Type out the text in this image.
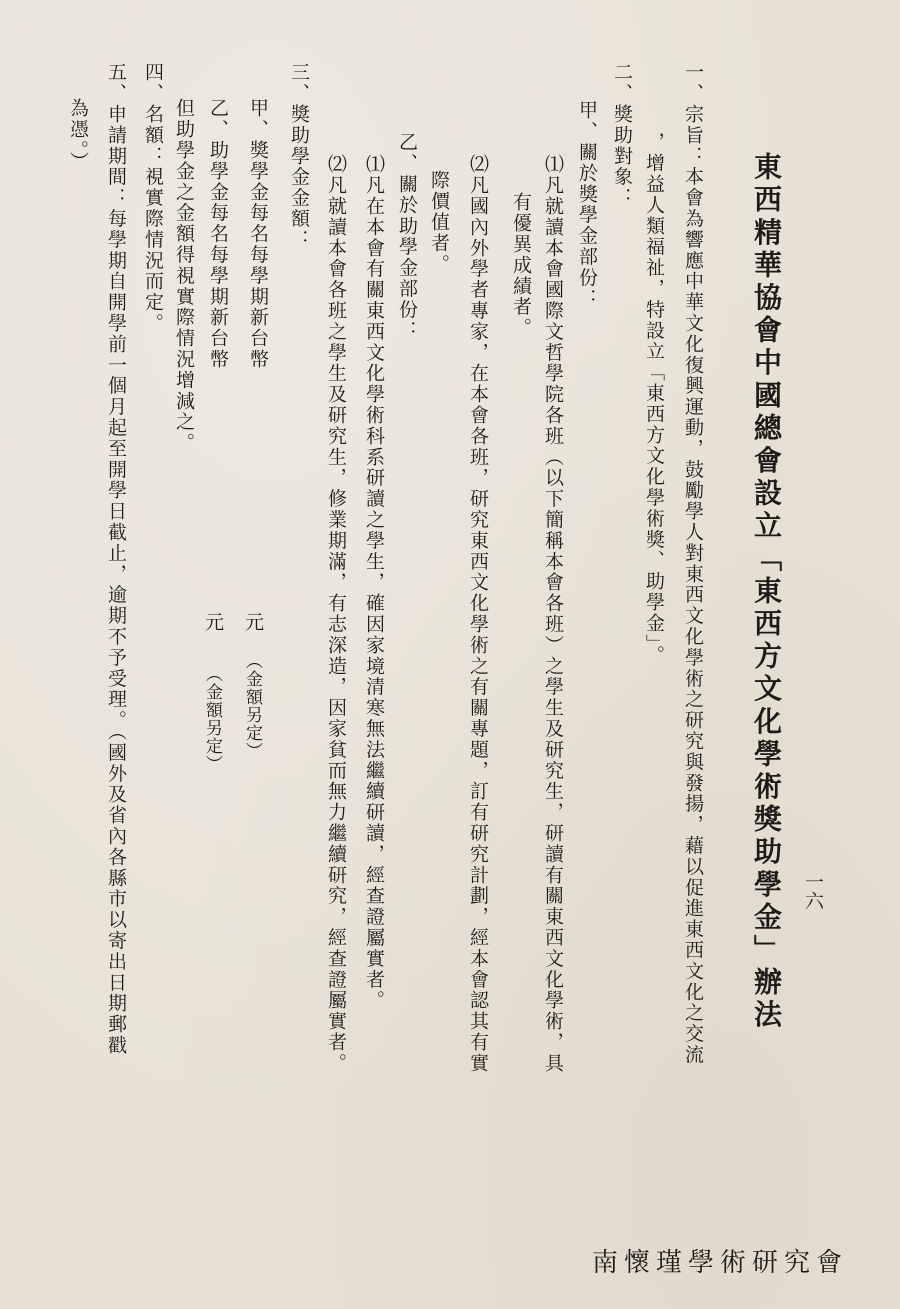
一六
東西精華協會中國總會設立「東西方文化學術獎助學金」辦法
一、宗旨：本會為響應中華文化復興運動，鼓勵學人對東西文化學術之研究與發揚，藉以促進東西文化之交流
，增益人類福祉，特設立「東西方文化學術獎、助學金」。
二、獎助對象：
甲、關於獎學金部份：
⑴凡就讀本會國際文哲學院各班（以下簡稱本會各班）之學生及研究生，研讀有關東西文化學術，具
有優異成績者。
⑵凡國內外學者專家，在本會各班，研究東西文化學術之有關專題，訂有研究計劃，經本會認其有實
際價值者。
乙、關於助學金部份：
⑴凡在本會有關東西文化學術科系研讀之學生，確因家境清寒無法繼續研讀，經查證屬實者。
⑵凡就讀本會各班之學生及研究生，修業期滿，有志深造，因家貧而無力繼續研究，經查證屬實者。
三、獎助學金金額：
甲、獎學金每名每學期新台幣
乙、助學金每名每學期新台幣
但助學金之金額得視實際情況增減之。
四、名額：視實際情況而定。
五、申請期間：每學期自開學前一個月起至開學日截止，逾期不予受理。（國外及省內各縣市以寄出日期郵戳
為憑。）
元
（金額另定）
元
（金額另定）
南懷瑾學術研究會
